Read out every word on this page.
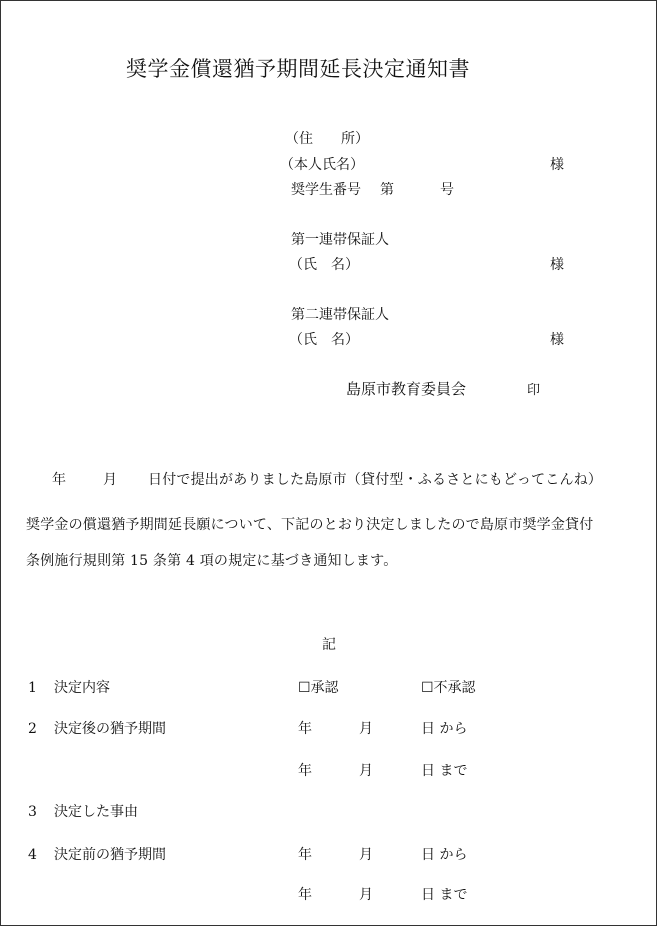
奨学金償還猶予期間延長決定通知書
（住　　所）
（本人氏名）	様
奨学生番号 第	号
第一連帯保証人
（氏　名）	様
第二連帯保証人
（氏　名）	様
島原市教育委員会	印
年	月 日付で提出がありました島原市（貸付型・ふるさとにもどってこんね）
奨学金の償還猶予期間延長願について、下記のとおり決定しましたので島原市奨学金貸付
条例施行規則第 15 条第 4 項の規定に基づき通知します。
記
1 決定内容	☐承認	☐不承認
2 決定後の猶予期間	年	月	日 から
年	月	日 まで
3 決定した事由
4 決定前の猶予期間	年	月	日 から
年	月	日 まで
